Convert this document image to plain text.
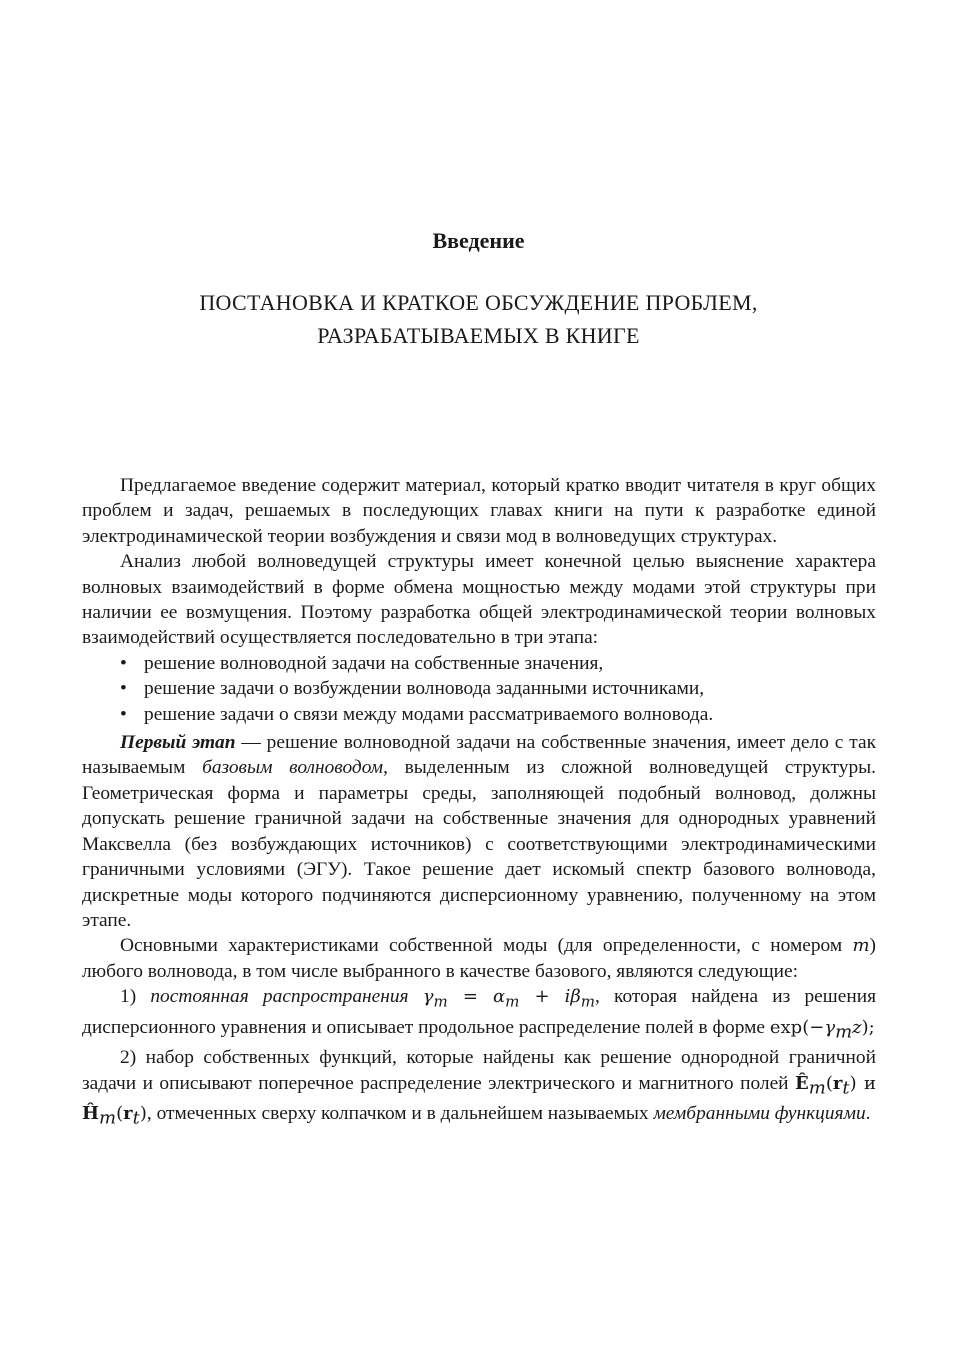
Введение
ПОСТАНОВКА И КРАТКОЕ ОБСУЖДЕНИЕ ПРОБЛЕМ,
РАЗРАБАТЫВАЕМЫХ В КНИГЕ

Предлагаемое введение содержит материал, который кратко вводит читателя в круг общих проблем и задач, решаемых в последующих главах книги на пути к разработке единой электродинамической теории возбуждения и связи мод в волноведущих структурах.

Анализ любой волноведущей структуры имеет конечной целью выяснение характера волновых взаимодействий в форме обмена мощностью между модами этой структуры при наличии ее возмущения. Поэтому разработка общей электродинамической теории волновых взаимодействий осуществляется последовательно в три этапа:

• решение волноводной задачи на собственные значения,
• решение задачи о возбуждении волновода заданными источниками,
• решение задачи о связи между модами рассматриваемого волновода.

Первый этап — решение волноводной задачи на собственные значения, имеет дело с так называемым базовым волноводом, выделенным из сложной волноведущей структуры. Геометрическая форма и параметры среды, заполняющей подобный волновод, должны допускать решение граничной задачи на собственные значения для однородных уравнений Максвелла (без возбуждающих источников) с соответствующими электродинамическими граничными условиями (ЭГУ). Такое решение дает искомый спектр базового волновода, дискретные моды которого подчиняются дисперсионному уравнению, полученному на этом этапе.

Основными характеристиками собственной моды (для определенности, с номером m) любого волновода, в том числе выбранного в качестве базового, являются следующие:

1) постоянная распространения $\gamma_m = \alpha_m + i\beta_m$, которая найдена из решения дисперсионного уравнения и описывает продольное распределение полей в форме $\exp(-\gamma_mz)$;

2) набор собственных функций, которые найдены как решение однородной граничной задачи и описывают поперечное распределение электрического и магнитного полей $Ê_m(r_t)$ и $Ĥ_m(r_t)$, отмеченных сверху колпачком и в дальнейшем называемых мембранными функциями.
